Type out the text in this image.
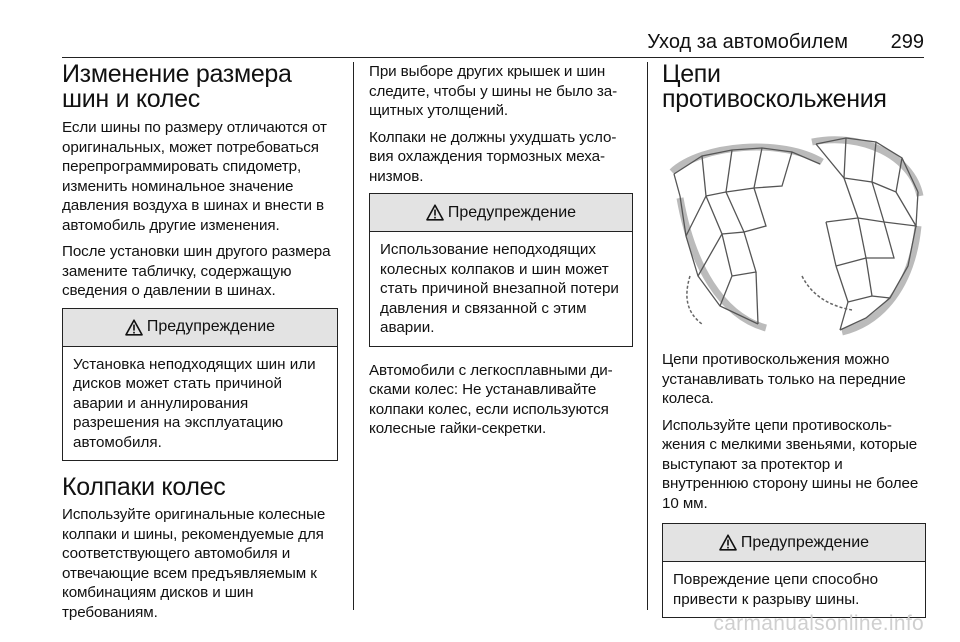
Уход за автомобилем 299
Изменение размера шин и колес

Если шины по размеру отличаются от оригинальных, может потребоваться перепрограммировать спидометр, изменить номинальное значение давления воздуха в шинах и внести в автомобиль другие изменения.

После установки шин другого размера замените табличку, содержащую сведения о давлении в шинах.

Предупреждение
Установка неподходящих шин или дисков может стать причиной аварии и аннулирования разрешения на эксплуатацию автомобиля.
Колпаки колес

Используйте оригинальные колесные колпаки и шины, рекомендуемые для соответствующего автомобиля и отвечающие всем предъявляемым к комбинациям дисков и шин требованиям.

При выборе других крышек и шин следите, чтобы у шины не было защитных утолщений.

Колпаки не должны ухудшать условия охлаждения тормозных механизмов.

Предупреждение
Использование неподходящих колесных колпаков и шин может стать причиной внезапной потери давления и связанной с этим аварии.

Автомобили с легкосплавными дисками колес: Не устанавливайте колпаки колес, если используются колесные гайки-секретки.

Цепи противоскольжения

Цепи противоскольжения можно устанавливать только на передние колеса.

Используйте цепи противоскольжения с мелкими звеньями, которые выступают за протектор и внутреннюю сторону шины не более 10 мм.

Предупреждение
Повреждение цепи способно привести к разрыву шины.
carmanualsonline.info
